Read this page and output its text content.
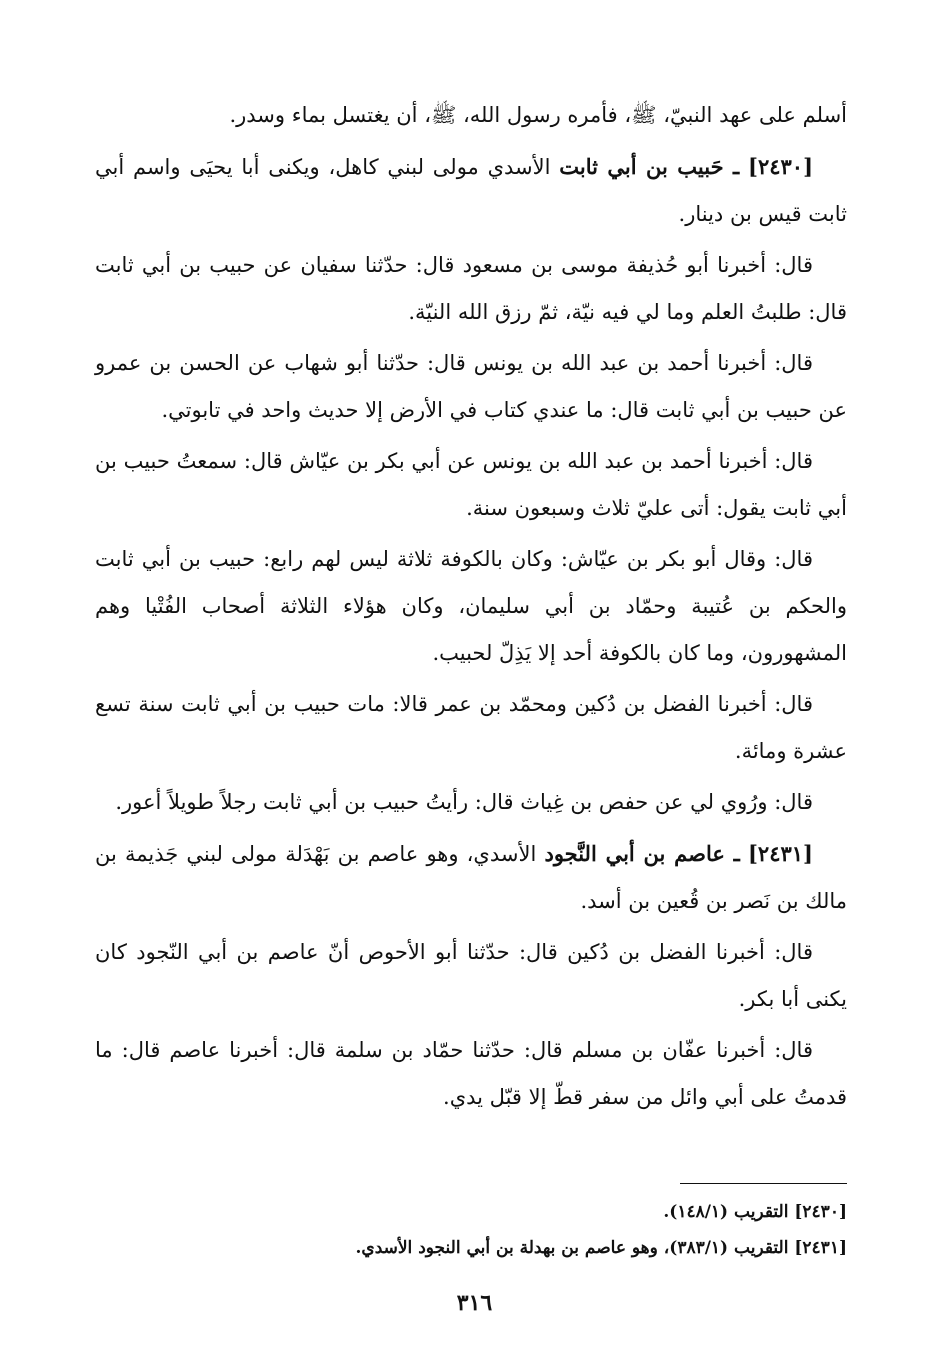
أسلم على عهد النبيّ، ﷺ، فأمره رسول الله، ﷺ، أن يغتسل بماء وسدر.

[٢٤٣٠] ـ حَبيب بن أبي ثابت الأسدي مولى لبني كاهل، ويكنى أبا يحيَى واسم أبي ثابت قيس بن دينار.

قال: أخبرنا أبو حُذيفة موسى بن مسعود قال: حدّثنا سفيان عن حبيب بن أبي ثابت قال: طلبتُ العلم وما لي فيه نيّة، ثمّ رزق الله النيّة.

قال: أخبرنا أحمد بن عبد الله بن يونس قال: حدّثنا أبو شهاب عن الحسن بن عمرو عن حبيب بن أبي ثابت قال: ما عندي كتاب في الأرض إلا حديث واحد في تابوتي.

قال: أخبرنا أحمد بن عبد الله بن يونس عن أبي بكر بن عيّاش قال: سمعتُ حبيب بن أبي ثابت يقول: أتى عليّ ثلاث وسبعون سنة.

قال: وقال أبو بكر بن عيّاش: وكان بالكوفة ثلاثة ليس لهم رابع: حبيب بن أبي ثابت والحكم بن عُتيبة وحمّاد بن أبي سليمان، وكان هؤلاء الثلاثة أصحاب الفُتْيا وهم المشهورون، وما كان بالكوفة أحد إلا يَذِلّ لحبيب.

قال: أخبرنا الفضل بن دُكين ومحمّد بن عمر قالا: مات حبيب بن أبي ثابت سنة تسع عشرة ومائة.

قال: ورُوي لي عن حفص بن غِياث قال: رأيتُ حبيب بن أبي ثابت رجلاً طويلاً أعور.

[٢٤٣١] ـ عاصم بن أبي النَّجود الأسدي، وهو عاصم بن بَهْدَلة مولى لبني جَذيمة بن مالك بن نَصر بن قُعين بن أسد.

قال: أخبرنا الفضل بن دُكين قال: حدّثنا أبو الأحوص أنّ عاصم بن أبي النّجود كان يكنى أبا بكر.

قال: أخبرنا عفّان بن مسلم قال: حدّثنا حمّاد بن سلمة قال: أخبرنا عاصم قال: ما قدمتُ على أبي وائل من سفر قطّ إلا قبّل يدي.

[٢٤٣٠] التقريب (١٤٨/١).

[٢٤٣١] التقريب (٣٨٣/١)، وهو عاصم بن بهدلة بن أبي النجود الأسدي.

٣١٦
